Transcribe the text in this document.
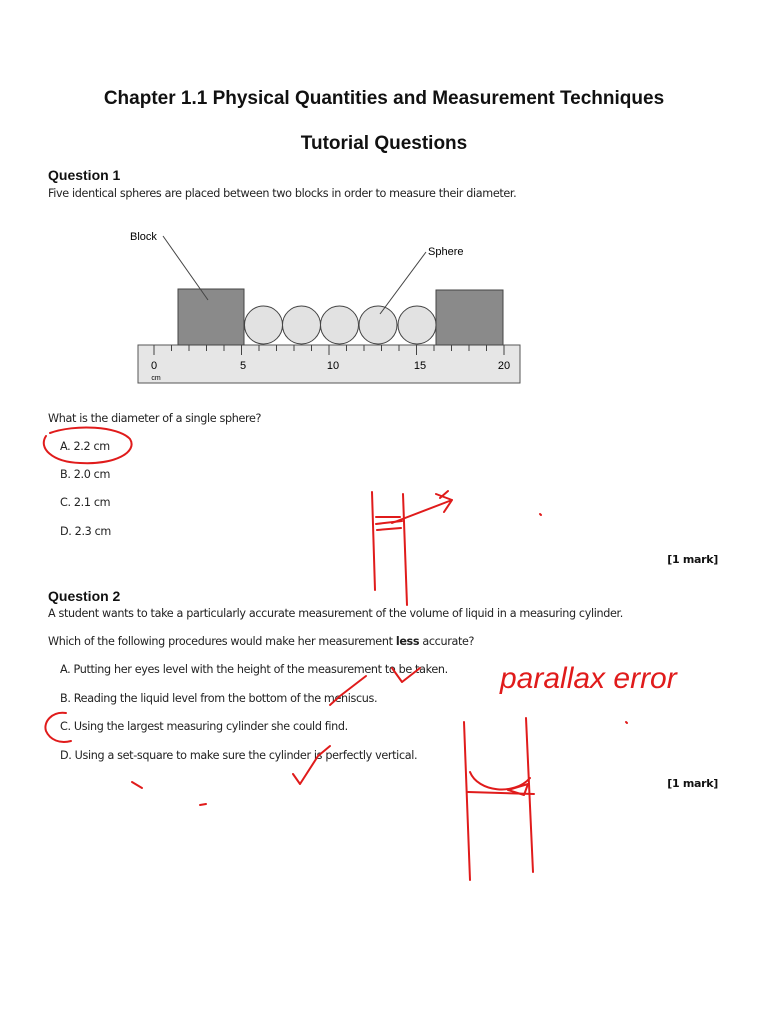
Chapter 1.1 Physical Quantities and Measurement Techniques
Tutorial Questions
Question 1
Five identical spheres are placed between two blocks in order to measure their diameter.
0	5	10	15	20
cm
Block
Sphere
What is the diameter of a single sphere?
A. 2.2 cm
B. 2.0 cm
C. 2.1 cm
D. 2.3 cm
[1 mark]
Question 2
A student wants to take a particularly accurate measurement of the volume of liquid in a measuring cylinder.
Which of the following procedures would make her measurement less accurate?
A. Putting her eyes level with the height of the measurement to be taken.
B. Reading the liquid level from the bottom of the meniscus.
C. Using the largest measuring cylinder she could find.
D. Using a set-square to make sure the cylinder is perfectly vertical.
[1 mark]
parallax error
